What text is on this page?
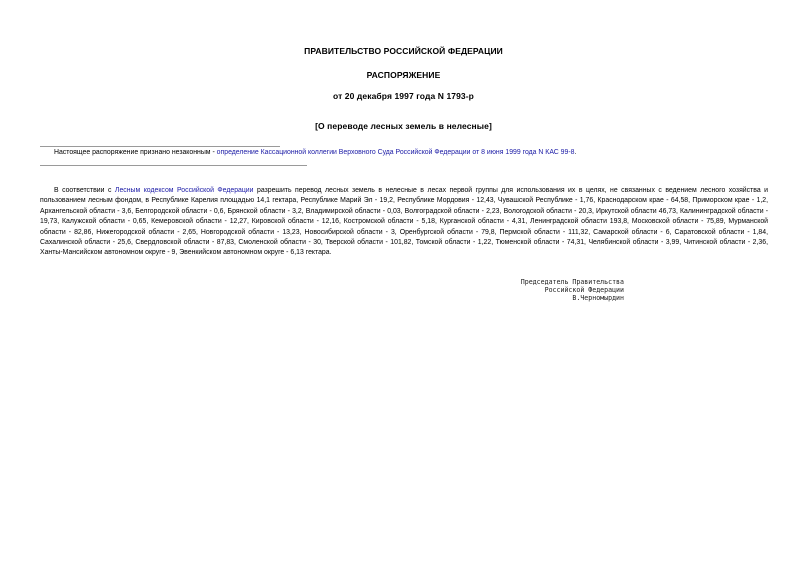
ПРАВИТЕЛЬСТВО РОССИЙСКОЙ ФЕДЕРАЦИИ
РАСПОРЯЖЕНИЕ
от 20 декабря 1997 года N 1793-р
[О переводе лесных земель в нелесные]
Настоящее распоряжение признано незаконным - определение Кассационной коллегии Верховного Суда Российской Федерации от 8 июня 1999 года N КАС 99-8.
В соответствии с Лесным кодексом Российской Федерации разрешить перевод лесных земель в нелесные в лесах первой группы для использования их в целях, не связанных с ведением лесного хозяйства и пользованием лесным фондом, в Республике Карелия площадью 14,1 гектара, Республике Марий Эл - 19,2, Республике Мордовия - 12,43, Чувашской Республике - 1,76, Краснодарском крае - 64,58, Приморском крае - 1,2, Архангельской области - 3,6, Белгородской области - 0,6, Брянской области - 3,2, Владимирской области - 0,03, Волгоградской области - 2,23, Вологодской области - 20,3, Иркутской области 46,73, Калининградской области - 19,73, Калужской области - 0,65, Кемеровской области - 12,27, Кировской области - 12,16, Костромской области - 5,18, Курганской области - 4,31, Ленинградской области 193,8, Московской области - 75,89, Мурманской области - 82,86, Нижегородской области - 2,65, Новгородской области - 13,23, Новосибирской области - 3, Оренбургской области - 79,8, Пермской области - 111,32, Самарской области - 6, Саратовской области - 1,84, Сахалинской области - 25,6, Свердловской области - 87,83, Смоленской области - 30, Тверской области - 101,82, Томской области - 1,22, Тюменской области - 74,31, Челябинской области - 3,99, Читинской области - 2,36, Ханты-Мансийском автономном округе - 9, Эвенкийском автономном округе - 6,13 гектара.
Председатель Правительства
Российской Федерации
В.Черномырдин
